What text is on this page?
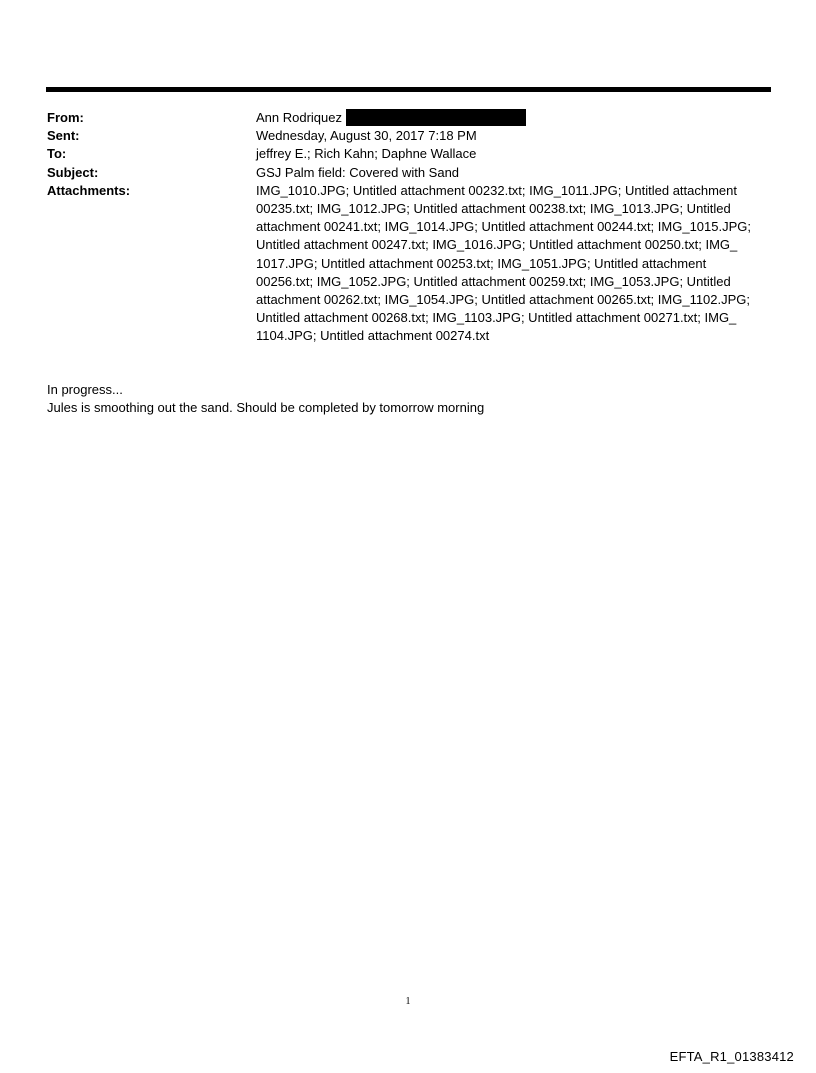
From:	Ann Rodriquez
Sent:	Wednesday, August 30, 2017 7:18 PM
To:	jeffrey E.; Rich Kahn; Daphne Wallace
Subject:	GSJ Palm field: Covered with Sand
Attachments:	IMG_1010.JPG; Untitled attachment 00232.txt; IMG_1011.JPG; Untitled attachment
00235.txt; IMG_1012.JPG; Untitled attachment 00238.txt; IMG_1013.JPG; Untitled
attachment 00241.txt; IMG_1014.JPG; Untitled attachment 00244.txt; IMG_1015.JPG;
Untitled attachment 00247.txt; IMG_1016.JPG; Untitled attachment 00250.txt; IMG_
1017.JPG; Untitled attachment 00253.txt; IMG_1051.JPG; Untitled attachment
00256.txt; IMG_1052.JPG; Untitled attachment 00259.txt; IMG_1053.JPG; Untitled
attachment 00262.txt; IMG_1054.JPG; Untitled attachment 00265.txt; IMG_1102.JPG;
Untitled attachment 00268.txt; IMG_1103.JPG; Untitled attachment 00271.txt; IMG_
1104.JPG; Untitled attachment 00274.txt
In progress...
Jules is smoothing out the sand. Should be completed by tomorrow morning
1
EFTA_R1_01383412
